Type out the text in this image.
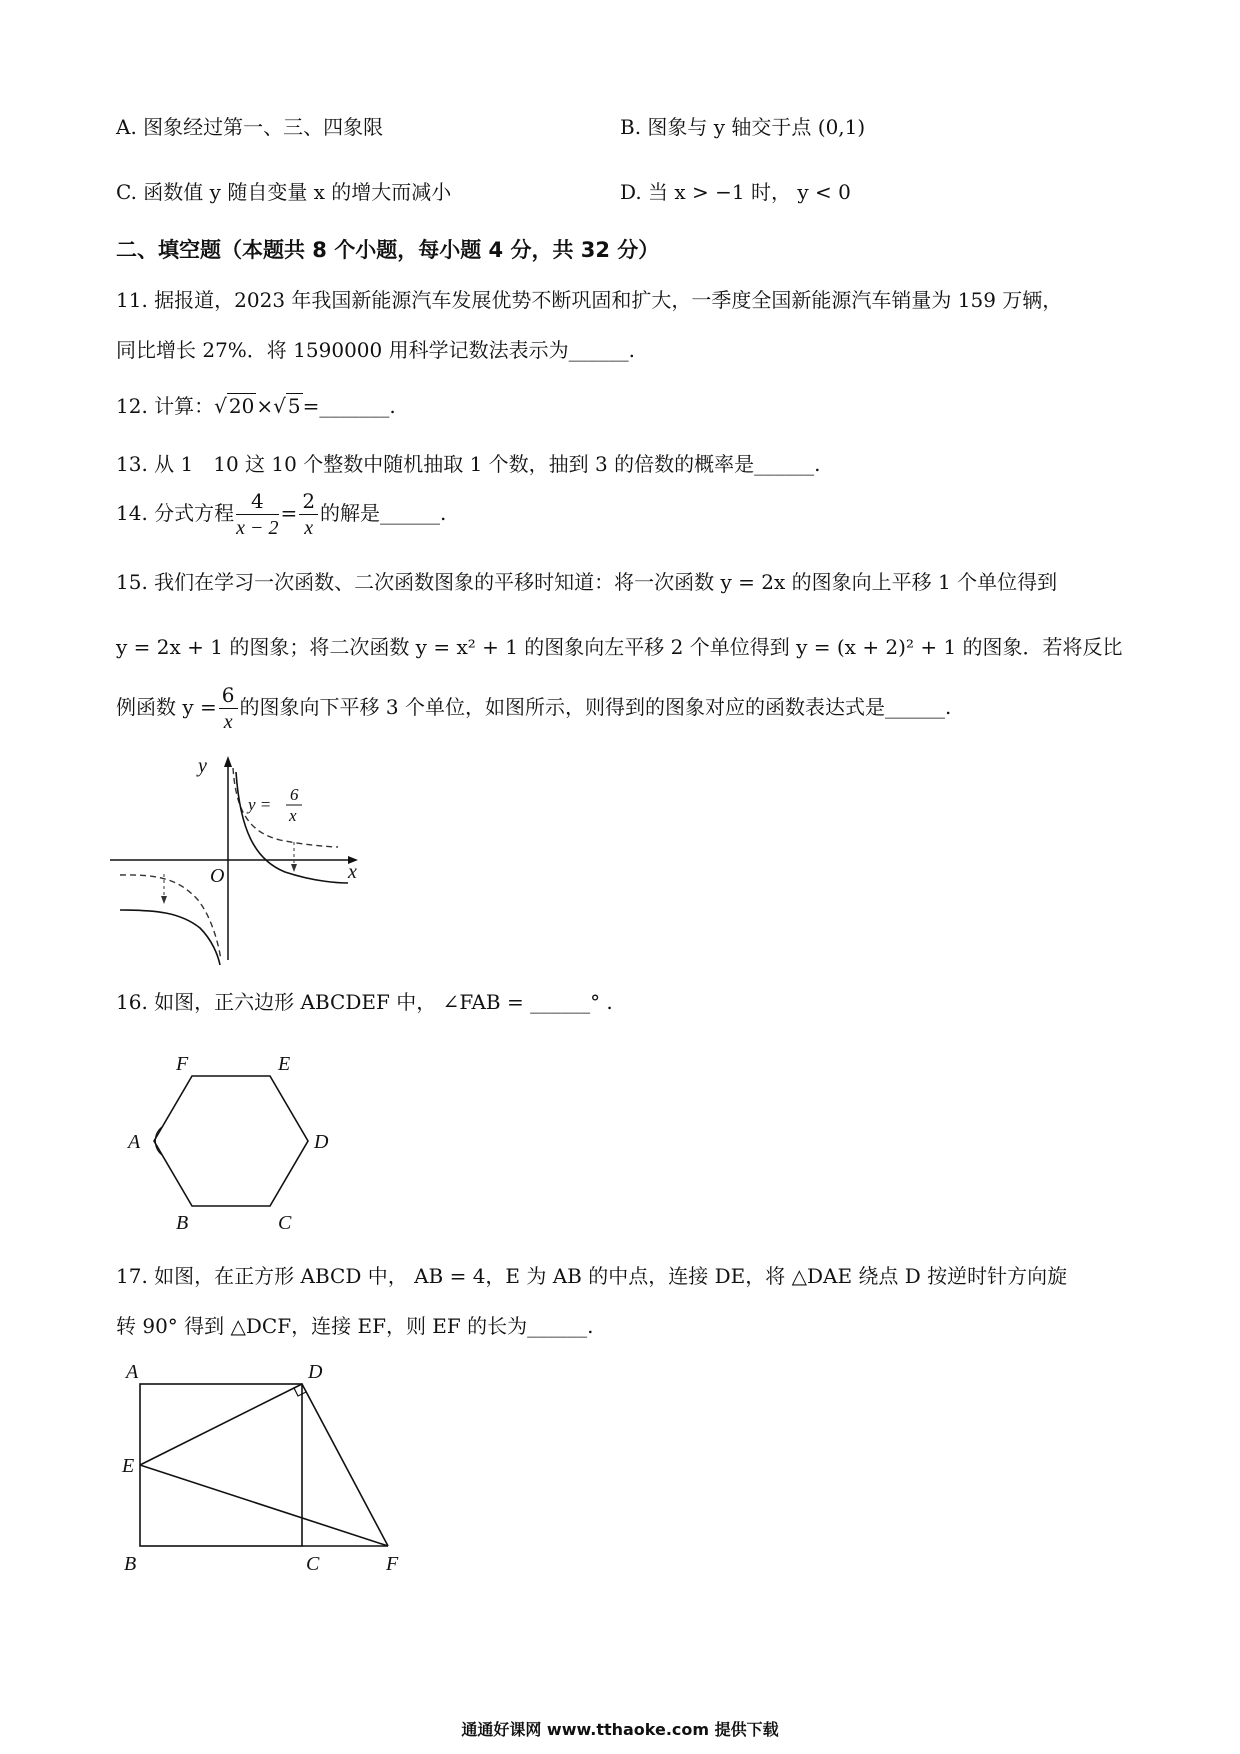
A. 图象经过第一、三、四象限	B. 图象与 y 轴交于点 (0,1)
C. 函数值 y 随自变量 x 的增大而减小	D. 当 x > −1 时， y < 0
二、填空题（本题共 8 个小题，每小题 4 分，共 32 分）
11. 据报道，2023 年我国新能源汽车发展优势不断巩固和扩大，一季度全国新能源汽车销量为 159 万辆，
同比增长 27%．将 1590000 用科学记数法表示为______.
12. 计算：√ 20 ×√ 5 =_______.
13. 从 1　10 这 10 个整数中随机抽取 1 个数，抽到 3 的倍数的概率是______.
14. 分式方程 $\frac{4}{x - 2} = \frac{2}{x}$ 的解是______.
15. 我们在学习一次函数、二次函数图象的平移时知道：将一次函数 y = 2x 的图象向上平移 1 个单位得到
y = 2x + 1 的图象；将二次函数 y = x² + 1 的图象向左平移 2 个单位得到 y = (x + 2)² + 1 的图象．若将反比
例函数 $y = \frac{6}{x}$ 的图象向下平移 3 个单位，如图所示，则得到的图象对应的函数表达式是______.
y
x
O
y =
6
x
16. 如图，正六边形 ABCDEF 中， ∠FAB = ______° .
A
B	C
D
E
F
17. 如图，在正方形 ABCD 中， AB = 4，E 为 AB 的中点，连接 DE，将 △DAE 绕点 D 按逆时针方向旋
转 90° 得到 △DCF，连接 EF，则 EF 的长为______.
A	D
E
B	C	F
通通好课网 www.tthaoke.com 提供下载
